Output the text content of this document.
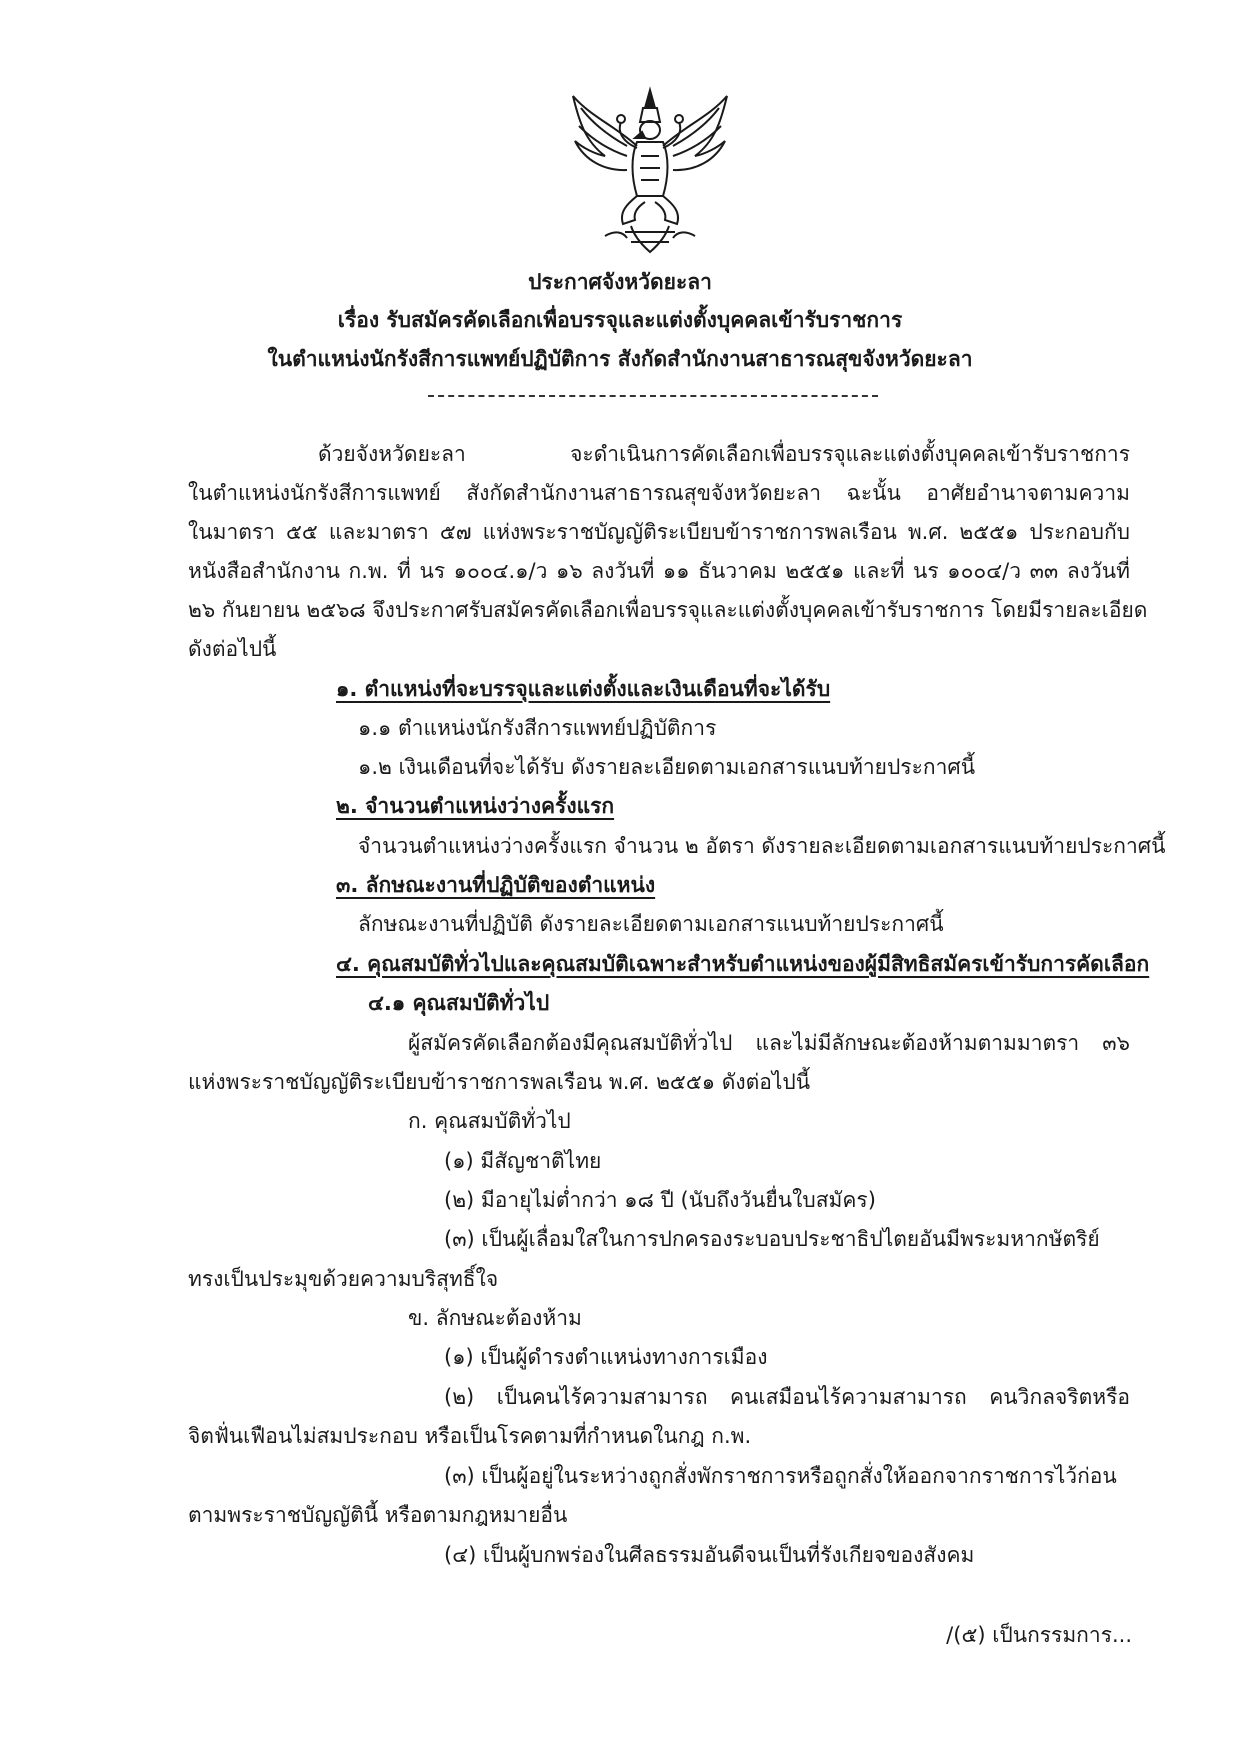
ประกาศจังหวัดยะลา
เรื่อง รับสมัครคัดเลือกเพื่อบรรจุและแต่งตั้งบุคคลเข้ารับราชการ
ในตำแหน่งนักรังสีการแพทย์ปฏิบัติการ สังกัดสำนักงานสาธารณสุขจังหวัดยะลา
ด้วยจังหวัดยะลา จะดำเนินการคัดเลือกเพื่อบรรจุและแต่งตั้งบุคคลเข้ารับราชการ
ในตำแหน่งนักรังสีการแพทย์ สังกัดสำนักงานสาธารณสุขจังหวัดยะลา ฉะนั้น อาศัยอำนาจตามความ
ในมาตรา ๕๕ และมาตรา ๕๗ แห่งพระราชบัญญัติระเบียบข้าราชการพลเรือน พ.ศ. ๒๕๕๑ ประกอบกับ
หนังสือสำนักงาน ก.พ. ที่ นร ๑๐๐๔.๑/ว ๑๖ ลงวันที่ ๑๑ ธันวาคม ๒๕๕๑ และที่ นร ๑๐๐๔/ว ๓๓ ลงวันที่
๒๖ กันยายน ๒๕๖๘ จึงประกาศรับสมัครคัดเลือกเพื่อบรรจุและแต่งตั้งบุคคลเข้ารับราชการ โดยมีรายละเอียด
ดังต่อไปนี้
๑. ตำแหน่งที่จะบรรจุและแต่งตั้งและเงินเดือนที่จะได้รับ
๑.๑ ตำแหน่งนักรังสีการแพทย์ปฏิบัติการ
๑.๒ เงินเดือนที่จะได้รับ ดังรายละเอียดตามเอกสารแนบท้ายประกาศนี้
๒. จำนวนตำแหน่งว่างครั้งแรก
จำนวนตำแหน่งว่างครั้งแรก จำนวน ๒ อัตรา ดังรายละเอียดตามเอกสารแนบท้ายประกาศนี้
๓. ลักษณะงานที่ปฏิบัติของตำแหน่ง
ลักษณะงานที่ปฏิบัติ ดังรายละเอียดตามเอกสารแนบท้ายประกาศนี้
๔. คุณสมบัติทั่วไปและคุณสมบัติเฉพาะสำหรับตำแหน่งของผู้มีสิทธิสมัครเข้ารับการคัดเลือก
๔.๑ คุณสมบัติทั่วไป
ผู้สมัครคัดเลือกต้องมีคุณสมบัติทั่วไป และไม่มีลักษณะต้องห้ามตามมาตรา ๓๖
แห่งพระราชบัญญัติระเบียบข้าราชการพลเรือน พ.ศ. ๒๕๕๑ ดังต่อไปนี้
ก. คุณสมบัติทั่วไป
(๑) มีสัญชาติไทย
(๒) มีอายุไม่ต่ำกว่า ๑๘ ปี (นับถึงวันยื่นใบสมัคร)
(๓) เป็นผู้เลื่อมใสในการปกครองระบอบประชาธิปไตยอันมีพระมหากษัตริย์
ทรงเป็นประมุขด้วยความบริสุทธิ์ใจ
ข. ลักษณะต้องห้าม
(๑) เป็นผู้ดำรงตำแหน่งทางการเมือง
(๒) เป็นคนไร้ความสามารถ คนเสมือนไร้ความสามารถ คนวิกลจริตหรือ
จิตฟั่นเฟือนไม่สมประกอบ หรือเป็นโรคตามที่กำหนดในกฎ ก.พ.
(๓) เป็นผู้อยู่ในระหว่างถูกสั่งพักราชการหรือถูกสั่งให้ออกจากราชการไว้ก่อน
ตามพระราชบัญญัตินี้ หรือตามกฎหมายอื่น
(๔) เป็นผู้บกพร่องในศีลธรรมอันดีจนเป็นที่รังเกียจของสังคม
/(๕) เป็นกรรมการ...
